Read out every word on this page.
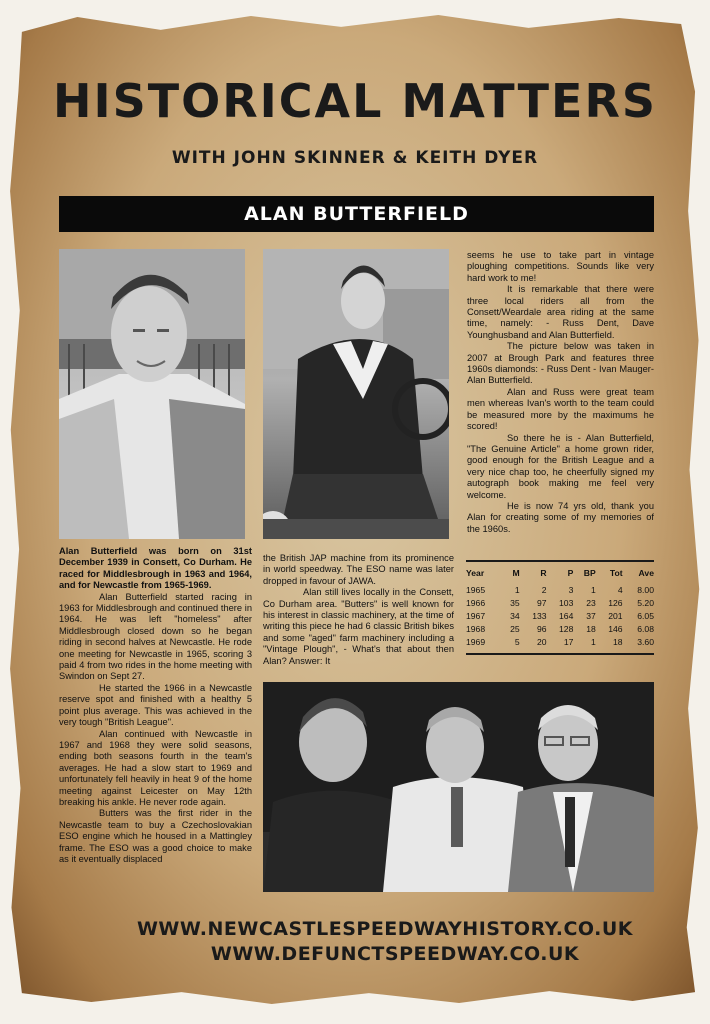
HISTORICAL MATTERS
WITH JOHN SKINNER & KEITH DYER
ALAN BUTTERFIELD

Alan Butterfield was born on 31st December 1939 in Consett, Co Durham. He raced for Middlesbrough in 1963 and 1964, and for Newcastle from 1965-1969.

Alan Butterfield started racing in 1963 for Middlesbrough and continued there in 1964. He was left "homeless" after Middlesbrough closed down so he began riding in second halves at Newcastle. He rode one meeting for Newcastle in 1965, scoring 3 paid 4 from two rides in the home meeting with Swindon on Sept 27.

He started the 1966 in a Newcastle reserve spot and finished with a healthy 5 point plus average. This was achieved in the very tough "British League".

Alan continued with Newcastle in 1967 and 1968 they were solid seasons, ending both seasons fourth in the team's averages. He had a slow start to 1969 and unfortunately fell heavily in heat 9 of the home meeting against Leicester on May 12th breaking his ankle. He never rode again.

Butters was the first rider in the Newcastle team to buy a Czechoslovakian ESO engine which he housed in a Mattingley frame. The ESO was a good choice to make as it eventually displaced

the British JAP machine from its prominence in world speedway. The ESO name was later dropped in favour of JAWA.

Alan still lives locally in the Consett, Co Durham area. "Butters" is well known for his interest in classic machinery, at the time of writing this piece he had 6 classic British bikes and some "aged" farm machinery including a "Vintage Plough", - What's that about then Alan? Answer: It

seems he use to take part in vintage ploughing competitions. Sounds like very hard work to me!

It is remarkable that there were three local riders all from the Consett/Weardale area riding at the same time, namely: - Russ Dent, Dave Younghusband and Alan Butterfield.

The picture below was taken in 2007 at Brough Park and features three 1960s diamonds: - Russ Dent - Ivan Mauger-Alan Butterfield.

Alan and Russ were great team men whereas Ivan's worth to the team could be measured more by the maximums he scored!

So there he is - Alan Butterfield, "The Genuine Article" a home grown rider, good enough for the British League and a very nice chap too, he cheerfully signed my autograph book making me feel very welcome.

He is now 74 yrs old, thank you Alan for creating some of my memories of the 1960s.

Year	M	R	P	BP	Tot	Ave
1965	1	2	3	1	4	8.00
1966	35	97	103	23	126	5.20
1967	34	133	164	37	201	6.05
1968	25	96	128	18	146	6.08
1969	5	20	17	1	18	3.60
WWW.NEWCASTLESPEEDWAYHISTORY.CO.UK
WWW.DEFUNCTSPEEDWAY.CO.UK
